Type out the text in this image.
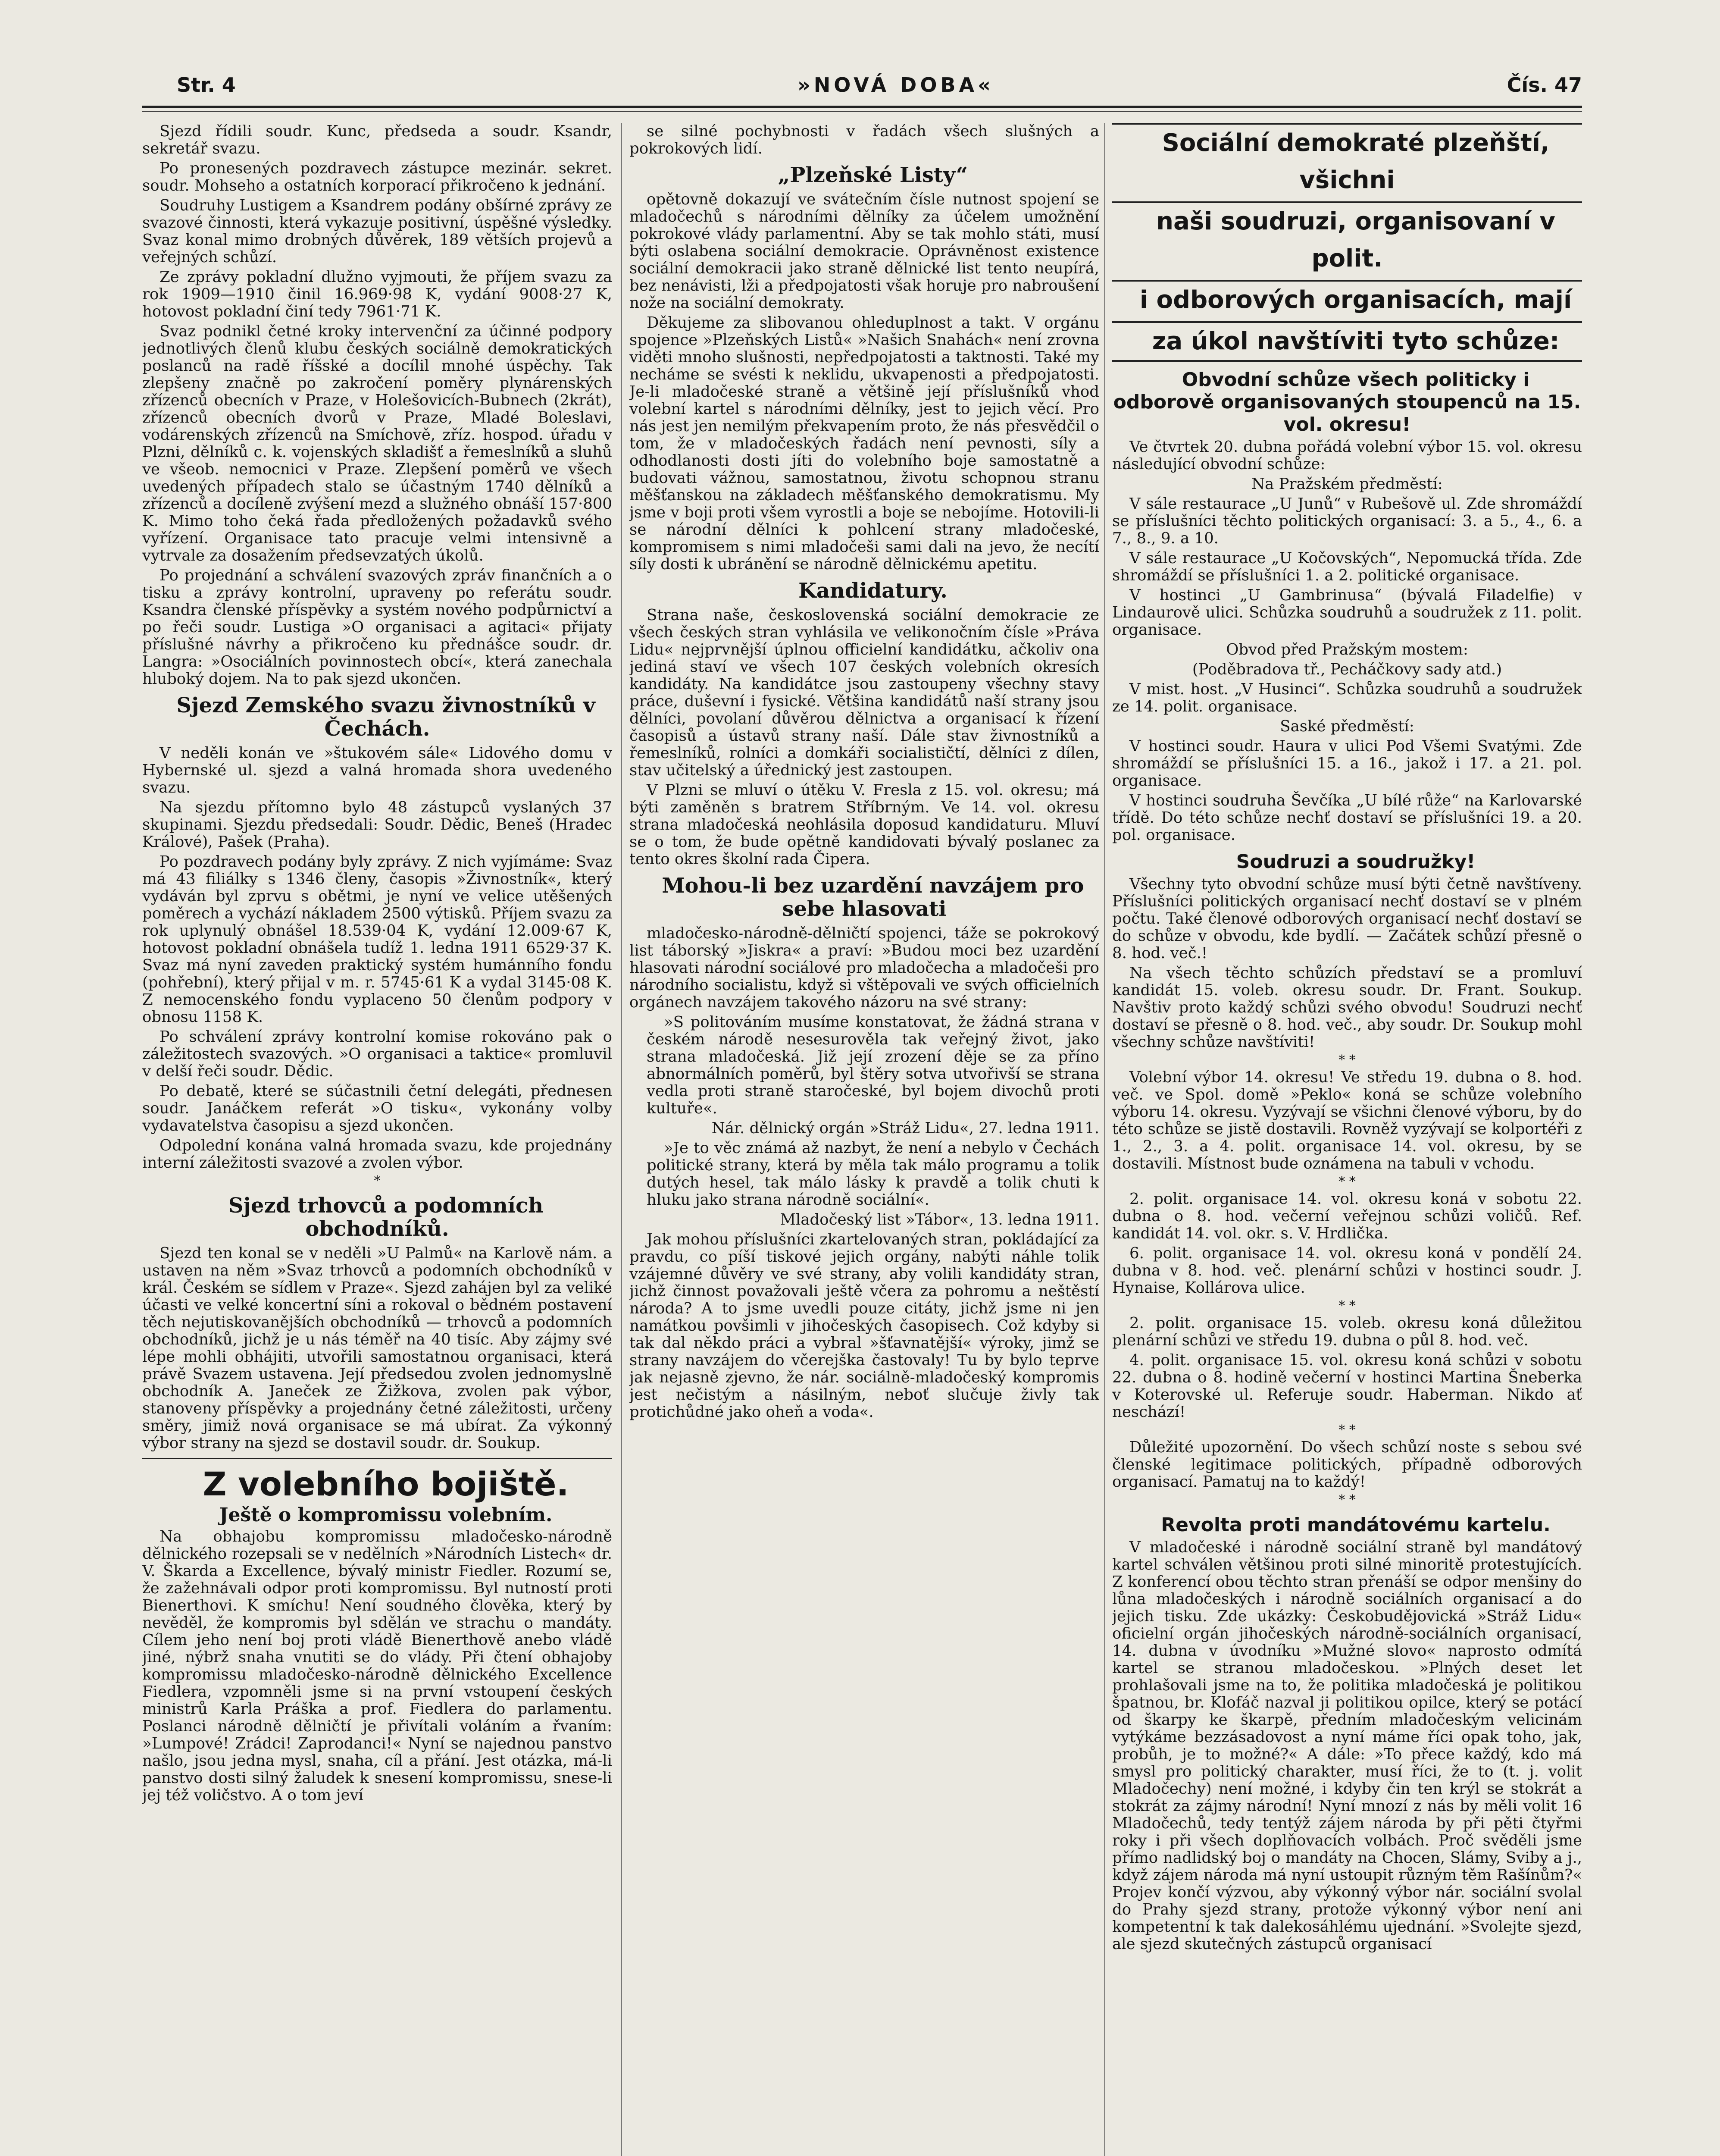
Str. 4	»NOVÁ DOBA«	Čís. 47

Sjezd řídili soudr. Kunc, předseda a soudr. Ksandr, sekretář svazu.

Po pronesených pozdravech zástupce mezinár. sekret. soudr. Mohseho a ostatních korporací přikročeno k jednání.

Soudruhy Lustigem a Ksandrem podány obšírné zprávy ze svazové činnosti, která vykazuje positivní, úspěšné výsledky. Svaz konal mimo drobných důvěrek, 189 větších projevů a veřejných schůzí.

Ze zprávy pokladní dlužno vyjmouti, že příjem svazu za rok 1909—1910 činil 16.969·98 K, vydání 9008·27 K, hotovost pokladní činí tedy 7961·71 K.

Svaz podnikl četné kroky intervenční za účinné podpory jednotlivých členů klubu českých sociálně demokratických poslanců na radě říšské a docílil mnohé úspěchy. Tak zlepšeny značně po zakročení poměry plynárenských zřízenců obecních v Praze, v Holešovicích-Bubnech (2krát), zřízenců obecních dvorů v Praze, Mladé Boleslavi, vodárenských zřízenců na Smíchově, zříz. hospod. úřadu v Plzni, dělníků c. k. vojenských skladišť a řemeslníků a sluhů ve všeob. nemocnici v Praze. Zlepšení poměrů ve všech uvedených případech stalo se účastným 1740 dělníků a zřízenců a docíleně zvýšení mezd a služného obnáší 157·800 K. Mimo toho čeká řada předložených požadavků svého vyřízení. Organisace tato pracuje velmi intensivně a vytrvale za dosažením předsevzatých úkolů.

Po projednání a schválení svazových zpráv finančních a o tisku a zprávy kontrolní, upraveny po referátu soudr. Ksandra členské příspěvky a systém nového podpůrnictví a po řeči soudr. Lustiga »O organisaci a agitaci« přijaty příslušné návrhy a přikročeno ku přednášce soudr. dr. Langra: »Osociálních povinnostech obcí«, která zanechala hluboký dojem. Na to pak sjezd ukončen.

Sjezd Zemského svazu živnostníků v Čechách.

V neděli konán ve »štukovém sále« Lidového domu v Hybernské ul. sjezd a valná hromada shora uvedeného svazu.

Na sjezdu přítomno bylo 48 zástupců vyslaných 37 skupinami. Sjezdu předsedali: Soudr. Dědic, Beneš (Hradec Králové), Pašek (Praha).

Po pozdravech podány byly zprávy. Z nich vyjímáme: Svaz má 43 filiálky s 1346 členy, časopis »Živnostník«, který vydáván byl zprvu s obětmi, je nyní ve velice utěšených poměrech a vychází nákladem 2500 výtisků. Příjem svazu za rok uplynulý obnášel 18.539·04 K, vydání 12.009·67 K, hotovost pokladní obnášela tudíž 1. ledna 1911 6529·37 K. Svaz má nyní zaveden praktický systém humánního fondu (pohřební), který přijal v m. r. 5745·61 K a vydal 3145·08 K. Z nemocenského fondu vyplaceno 50 členům podpory v obnosu 1158 K.

Po schválení zprávy kontrolní komise rokováno pak o záležitostech svazových. »O organisaci a taktice« promluvil v delší řeči soudr. Dědic.

Po debatě, které se súčastnili četní delegáti, přednesen soudr. Janáčkem referát »O tisku«, vykonány volby vydavatelstva časopisu a sjezd ukončen.

Odpolední konána valná hromada svazu, kde projednány interní záležitosti svazové a zvolen výbor.

*

Sjezd trhovců a podomních obchodníků.

Sjezd ten konal se v neděli »U Palmů« na Karlově nám. a ustaven na něm »Svaz trhovců a podomních obchodníků v král. Českém se sídlem v Praze«. Sjezd zahájen byl za veliké účasti ve velké koncertní síni a rokoval o bědném postavení těch nejutiskovanějších obchodníků — trhovců a podomních obchodníků, jichž je u nás téměř na 40 tisíc. Aby zájmy své lépe mohli obhájiti, utvořili samostatnou organisaci, která právě Svazem ustavena. Její předsedou zvolen jednomyslně obchodník A. Janeček ze Žižkova, zvolen pak výbor, stanoveny příspěvky a projednány četné záležitosti, určeny směry, jimiž nová organisace se má ubírat. Za výkonný výbor strany na sjezd se dostavil soudr. dr. Soukup.

Z volebního bojiště.

Ještě o kompromissu volebním.

Na obhajobu kompromissu mladočesko-národně dělnického rozepsali se v nedělních »Národních Listech« dr. V. Škarda a Excellence, bývalý ministr Fiedler. Rozumí se, že zažehnávali odpor proti kompromissu. Byl nutností proti Bienerthovi. K smíchu! Není soudného člověka, který by nevěděl, že kompromis byl sdělán ve strachu o mandáty. Cílem jeho není boj proti vládě Bienerthově anebo vládě jiné, nýbrž snaha vnutiti se do vlády. Při čtení obhajoby kompromissu mladočesko-národně dělnického Excellence Fiedlera, vzpomněli jsme si na první vstoupení českých ministrů Karla Práška a prof. Fiedlera do parlamentu. Poslanci národně dělničtí je přivítali voláním a řvaním: »Lumpové! Zrádci! Zaprodanci!« Nyní se najednou panstvo našlo, jsou jedna mysl, snaha, cíl a přání. Jest otázka, má-li panstvo dosti silný žaludek k snesení kompromissu, snese-li jej též voličstvo. A o tom jeví

se silné pochybnosti v řadách všech slušných a pokrokových lidí.

„Plzeňské Listy“

opětovně dokazují ve svátečním čísle nutnost spojení se mladočechů s národními dělníky za účelem umožnění pokrokové vlády parlamentní. Aby se tak mohlo státi, musí býti oslabena sociální demokracie. Oprávněnost existence sociální demokracii jako straně dělnické list tento neupírá, bez nenávisti, lži a předpojatosti však horuje pro nabroušení nože na sociální demokraty.

Děkujeme za slibovanou ohleduplnost a takt. V orgánu spojence »Plzeňských Listů« »Našich Snahách« není zrovna viděti mnoho slušnosti, nepředpojatosti a taktnosti. Také my necháme se svésti k neklidu, ukvapenosti a předpojatosti. Je-li mladočeské straně a většině její příslušníků vhod volební kartel s národními dělníky, jest to jejich věcí. Pro nás jest jen nemilým překvapením proto, že nás přesvědčil o tom, že v mladočeských řadách není pevnosti, síly a odhodlanosti dosti jíti do volebního boje samostatně a budovati vážnou, samostatnou, životu schopnou stranu měšťanskou na základech měšťanského demokratismu. My jsme v boji proti všem vyrostli a boje se nebojíme. Hotovili-li se národní dělníci k pohlcení strany mladočeské, kompromisem s nimi mladočeši sami dali na jevo, že necítí síly dosti k ubránění se národně dělnickému apetitu.

Kandidatury.

Strana naše, československá sociální demokracie ze všech českých stran vyhlásila ve velikonočním čísle »Práva Lidu« nejprvnější úplnou officielní kandidátku, ačkoliv ona jediná staví ve všech 107 českých volebních okresích kandidáty. Na kandidátce jsou zastoupeny všechny stavy práce, duševní i fysické. Většina kandidátů naší strany jsou dělníci, povolaní důvěrou dělnictva a organisací k řízení časopisů a ústavů strany naší. Dále stav živnostníků a řemeslníků, rolníci a domkáři socialističtí, dělníci z dílen, stav učitelský a úřednický jest zastoupen.

V Plzni se mluví o útěku V. Fresla z 15. vol. okresu; má býti zaměněn s bratrem Stříbrným. Ve 14. vol. okresu strana mladočeská neohlásila doposud kandidaturu. Mluví se o tom, že bude opětně kandidovati bývalý poslanec za tento okres školní rada Čipera.

Mohou-li bez uzardění navzájem pro sebe hlasovati

mladočesko-národně-dělničtí spojenci, táže se pokrokový list táborský »Jiskra« a praví: »Budou moci bez uzardění hlasovati národní sociálové pro mladočecha a mladočeši pro národního socialistu, když si vštěpovali ve svých officielních orgánech navzájem takového názoru na své strany:

»S politováním musíme konstatovat, že žádná strana v českém národě nesesurověla tak veřejný život, jako strana mladočeská. Již její zrození děje se za příno abnormálních poměrů, byl štěry sotva utvořivší se strana vedla proti straně staročeské, byl bojem divochů proti kultuře«.

Nár. dělnický orgán »Stráž Lidu«, 27. ledna 1911.

»Je to věc známá až nazbyt, že není a nebylo v Čechách politické strany, která by měla tak málo programu a tolik dutých hesel, tak málo lásky k pravdě a tolik chuti k hluku jako strana národně sociální«.

Mladočeský list »Tábor«, 13. ledna 1911.

Jak mohou příslušníci zkartelovaných stran, pokládající za pravdu, co píší tiskové jejich orgány, nabýti náhle tolik vzájemné důvěry ve své strany, aby volili kandidáty stran, jichž činnost považovali ještě včera za pohromu a neštěstí národa? A to jsme uvedli pouze citáty, jichž jsme ni jen namátkou povšimli v jihočeských časopisech. Což kdyby si tak dal někdo práci a vybral »šťavnatější« výroky, jimž se strany navzájem do včerejška častovaly! Tu by bylo teprve jak nejasně zjevno, že nár. sociálně-mladočeský kompromis jest nečistým a násilným, neboť slučuje živly tak protichůdné jako oheň a voda«.

Sociální demokraté plzeňští, všichni

naši soudruzi, organisovaní v polit.

i odborových organisacích, mají

za úkol navštíviti tyto schůze:

Obvodní schůze všech politicky i odborově organisovaných stoupenců na 15. vol. okresu!

Ve čtvrtek 20. dubna pořádá volební výbor 15. vol. okresu následující obvodní schůze:

Na Pražském předměstí:

V sále restaurace „U Junů“ v Rubešově ul. Zde shromáždí se příslušníci těchto politických organisací: 3. a 5., 4., 6. a 7., 8., 9. a 10.

V sále restaurace „U Kočovských“, Nepomucká třída. Zde shromáždí se příslušníci 1. a 2. politické organisace.

V hostinci „U Gambrinusa“ (bývalá Filadelfie) v Lindaurově ulici. Schůzka soudruhů a soudružek z 11. polit. organisace.

Obvod před Pražským mostem:

(Poděbradova tř., Pecháčkovy sady atd.)

V mist. host. „V Husinci“. Schůzka soudruhů a soudružek ze 14. polit. organisace.

Saské předměstí:

V hostinci soudr. Haura v ulici Pod Všemi Svatými. Zde shromáždí se příslušníci 15. a 16., jakož i 17. a 21. pol. organisace.

V hostinci soudruha Ševčíka „U bílé růže“ na Karlovarské třídě. Do této schůze nechť dostaví se příslušníci 19. a 20. pol. organisace.

Soudruzi a soudružky!

Všechny tyto obvodní schůze musí býti četně navštíveny. Příslušníci politických organisací nechť dostaví se v plném počtu. Také členové odborových organisací nechť dostaví se do schůze v obvodu, kde bydlí. — Začátek schůzí přesně o 8. hod. več.!

Na všech těchto schůzích představí se a promluví kandidát 15. voleb. okresu soudr. Dr. Frant. Soukup. Navštiv proto každý schůzi svého obvodu! Soudruzi nechť dostaví se přesně o 8. hod. več., aby soudr. Dr. Soukup mohl všechny schůze navštíviti!

* *

Volební výbor 14. okresu! Ve středu 19. dubna o 8. hod. več. ve Spol. domě »Peklo« koná se schůze volebního výboru 14. okresu. Vyzývají se všichni členové výboru, by do této schůze se jistě dostavili. Rovněž vyzývají se kolportéři z 1., 2., 3. a 4. polit. organisace 14. vol. okresu, by se dostavili. Místnost bude oznámena na tabuli v vchodu.

* *

2. polit. organisace 14. vol. okresu koná v sobotu 22. dubna o 8. hod. večerní veřejnou schůzi voličů. Ref. kandidát 14. vol. okr. s. V. Hrdlička.

6. polit. organisace 14. vol. okresu koná v pondělí 24. dubna v 8. hod. več. plenární schůzi v hostinci soudr. J. Hynaise, Kollárova ulice.

* *

2. polit. organisace 15. voleb. okresu koná důležitou plenární schůzi ve středu 19. dubna o půl 8. hod. več.

4. polit. organisace 15. vol. okresu koná schůzi v sobotu 22. dubna o 8. hodině večerní v hostinci Martina Šneberka v Koterovské ul. Referuje soudr. Haberman. Nikdo ať neschází!

* *

Důležité upozornění. Do všech schůzí noste s sebou své členské legitimace politických, případně odborových organisací. Pamatuj na to každý!

* *

Revolta proti mandátovému kartelu.

V mladočeské i národně sociální straně byl mandátový kartel schválen většinou proti silné minoritě protestujících. Z konferencí obou těchto stran přenáší se odpor menšiny do lůna mladočeských i národně sociálních organisací a do jejich tisku. Zde ukázky: Českobudějovická »Stráž Lidu« oficielní orgán jihočeských národně-sociálních organisací, 14. dubna v úvodníku »Mužné slovo« naprosto odmítá kartel se stranou mladočeskou. »Plných deset let prohlašovali jsme na to, že politika mladočeská je politikou špatnou, br. Klofáč nazval ji politikou opilce, který se potácí od škarpy ke škarpě, předním mladočeským velicinám vytýkáme bezzásadovost a nyní máme říci opak toho, jak, probůh, je to možné?« A dále: »To přece každý, kdo má smysl pro politický charakter, musí říci, že to (t. j. volit Mladočechy) není možné, i kdyby čin ten krýl se stokrát a stokrát za zájmy národní! Nyní mnozí z nás by měli volit 16 Mladočechů, tedy tentýž zájem národa by při pěti čtyřmi roky i při všech doplňovacích volbách. Proč svěděli jsme přímo nadlidský boj o mandáty na Chocen, Slámy, Sviby a j., když zájem národa má nyní ustoupit různým těm Rašínům?« Projev končí výzvou, aby výkonný výbor nár. sociální svolal do Prahy sjezd strany, protože výkonný výbor není ani kompetentní k tak dalekosáhlému ujednání. »Svolejte sjezd, ale sjezd skutečných zástupců organisací
